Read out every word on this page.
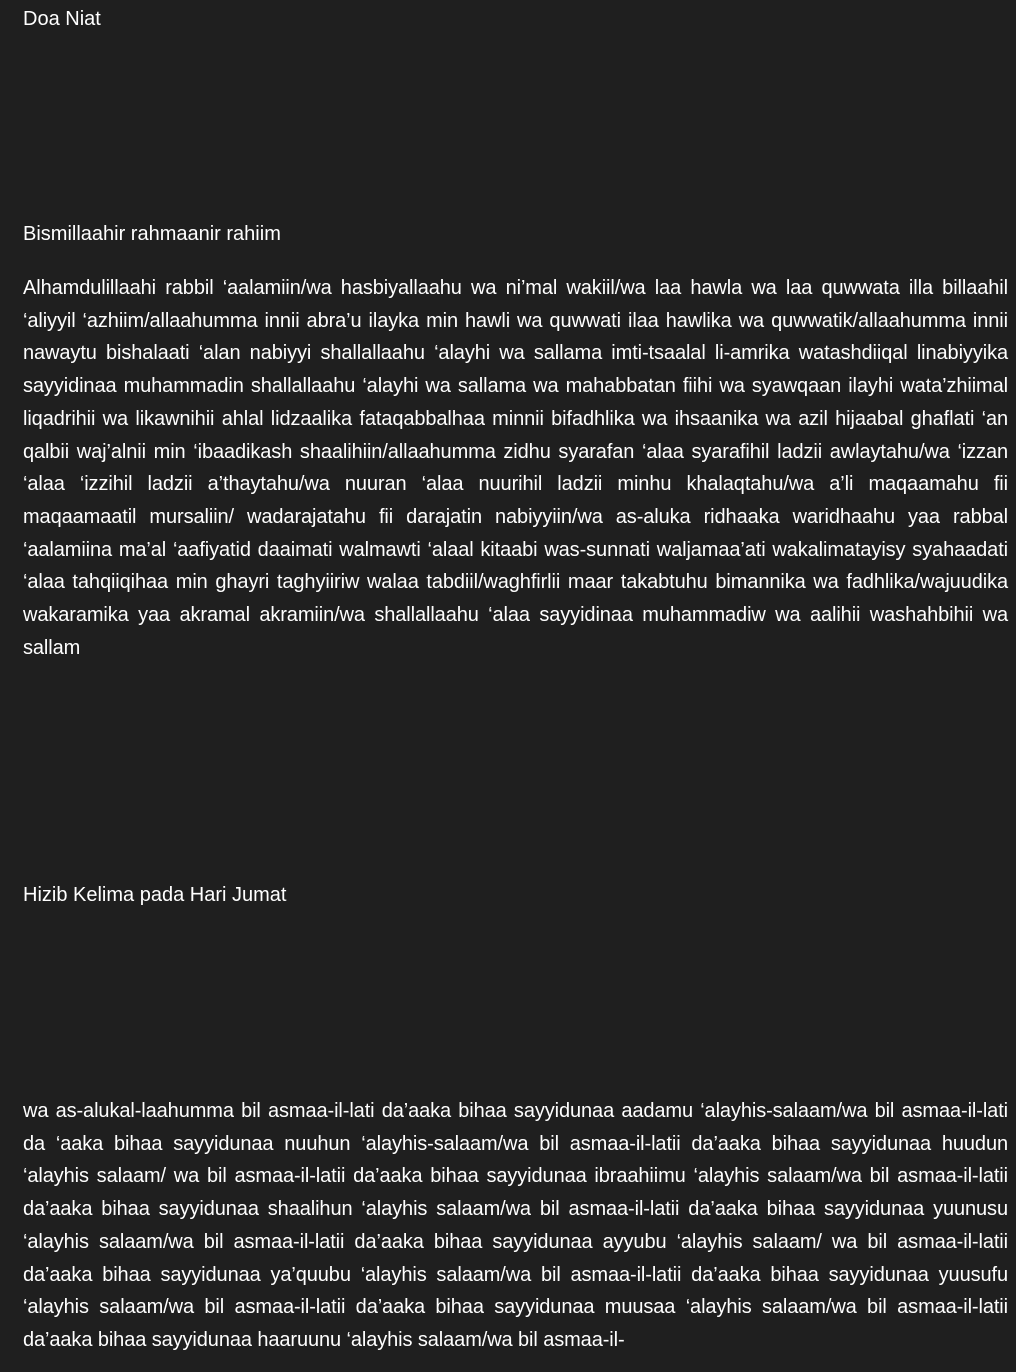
Doa Niat

Bismillaahir rahmaanir rahiim

Alhamdulillaahi rabbil ‘aalamiin/wa hasbiyallaahu wa ni’mal wakiil/wa laa hawla wa laa quwwata illa billaahil ‘aliyyil ‘azhiim/allaahumma innii abra’u ilayka min hawli wa quwwati ilaa hawlika wa quwwatik/allaahumma innii nawaytu bishalaati ‘alan nabiyyi shallallaahu ‘alayhi wa sallama imti-tsaalal li-amrika watashdiiqal linabiyyika sayyidinaa muhammadin shallallaahu ‘alayhi wa sallama wa mahabbatan fiihi wa syawqaan ilayhi wata’zhiimal liqadrihii wa likawnihii ahlal lidzaalika fataqabbalhaa minnii bifadhlika wa ihsaanika wa azil hijaabal ghaflati ‘an qalbii waj’alnii min ‘ibaadikash shaalihiin/allaahumma zidhu syarafan ‘alaa syarafihil ladzii awlaytahu/wa ‘izzan ‘alaa ‘izzihil ladzii a’thaytahu/wa nuuran ‘alaa nuurihil ladzii minhu khalaqtahu/wa a’li maqaamahu fii maqaamaatil mursaliin/ wadarajatahu fii darajatin nabiyyiin/wa as-aluka ridhaaka waridhaahu yaa rabbal ‘aalamiina ma’al ‘aafiyatid daaimati walmawti ‘alaal kitaabi was-sunnati waljamaa’ati wakalimatayisy syahaadati ‘alaa tahqiiqihaa min ghayri taghyiiriw walaa tabdiil/waghfirlii maar takabtuhu bimannika wa fadhlika/wajuudika wakaramika yaa akramal akramiin/wa shallallaahu ‘alaa sayyidinaa muhammadiw wa aalihii washahbihii wa sallam

Hizib Kelima pada Hari Jumat

wa as-alukal-laahumma bil asmaa-il-lati da’aaka bihaa sayyidunaa aadamu ‘alayhis-salaam/wa bil asmaa-il-lati da ‘aaka bihaa sayyidunaa nuuhun ‘alayhis-salaam/wa bil asmaa-il-latii da’aaka bihaa sayyidunaa huudun ‘alayhis salaam/ wa bil asmaa-il-latii da’aaka bihaa sayyidunaa ibraahiimu ‘alayhis salaam/wa bil asmaa-il-latii da’aaka bihaa sayyidunaa shaalihun ‘alayhis salaam/wa bil asmaa-il-latii da’aaka bihaa sayyidunaa yuunusu ‘alayhis salaam/wa bil asmaa-il-latii da’aaka bihaa sayyidunaa ayyubu ‘alayhis salaam/ wa bil asmaa-il-latii da’aaka bihaa sayyidunaa ya’quubu ‘alayhis salaam/wa bil asmaa-il-latii da’aaka bihaa sayyidunaa yuusufu ‘alayhis salaam/wa bil asmaa-il-latii da’aaka bihaa sayyidunaa muusaa ‘alayhis salaam/wa bil asmaa-il-latii da’aaka bihaa sayyidunaa haaruunu ‘alayhis salaam/wa bil asmaa-il-
